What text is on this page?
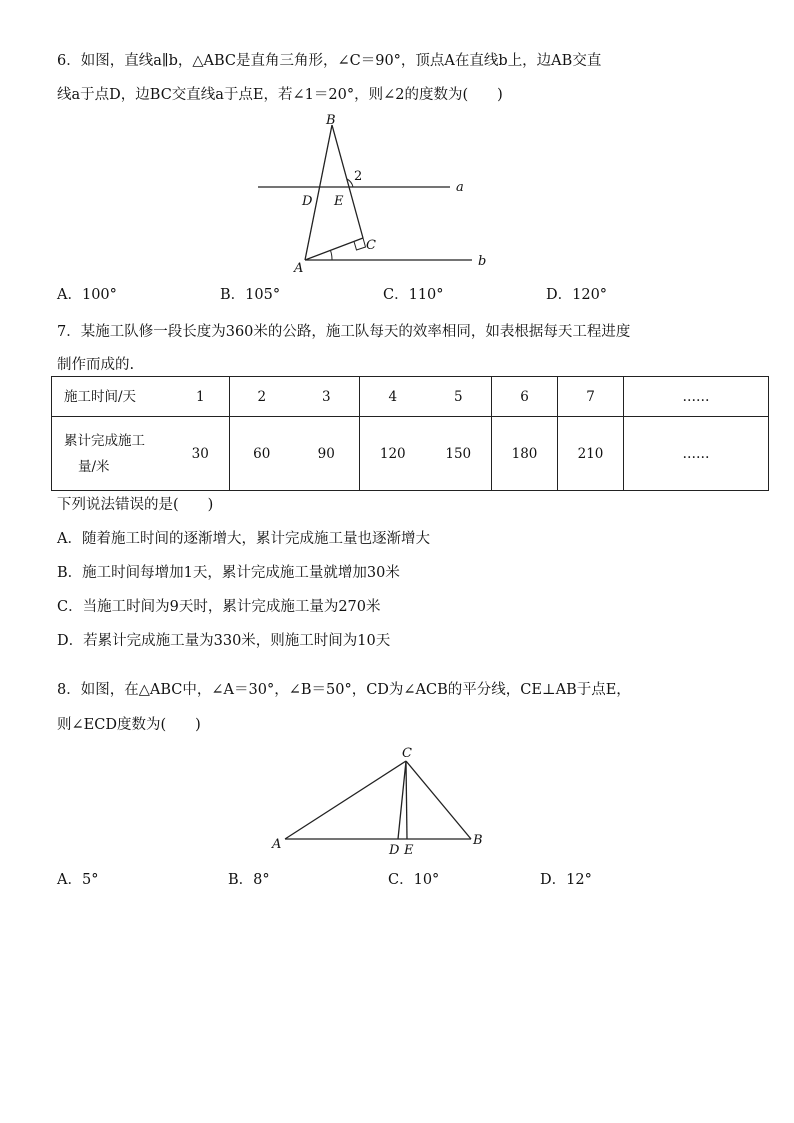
6．如图，直线a∥b，△ABC是直角三角形，∠C＝90°，顶点A在直线b上，边AB交直
线a于点D，边BC交直线a于点E，若∠1＝20°，则∠2的度数为(　　)
B
D E
C
A
a
b
2
A．100°	B．105°	C．110°	D．120°
7．某施工队修一段长度为360米的公路，施工队每天的效率相同，如表根据每天工程进度
制作而成的.
施工时间/天	1	2	3	4	5	6	7	……

累计完成施工
量/米	30	60	90	120	150	180	210	……
下列说法错误的是(　　)
A．随着施工时间的逐渐增大，累计完成施工量也逐渐增大
B．施工时间每增加1天，累计完成施工量就增加30米
C．当施工时间为9天时，累计完成施工量为270米
D．若累计完成施工量为330米，则施工时间为10天
8．如图，在△ABC中，∠A＝30°，∠B＝50°，CD为∠ACB的平分线，CE⊥AB于点E，
则∠ECD度数为(　　)
C
A	B
D E
A．5°	B．8°	C．10°	D．12°
